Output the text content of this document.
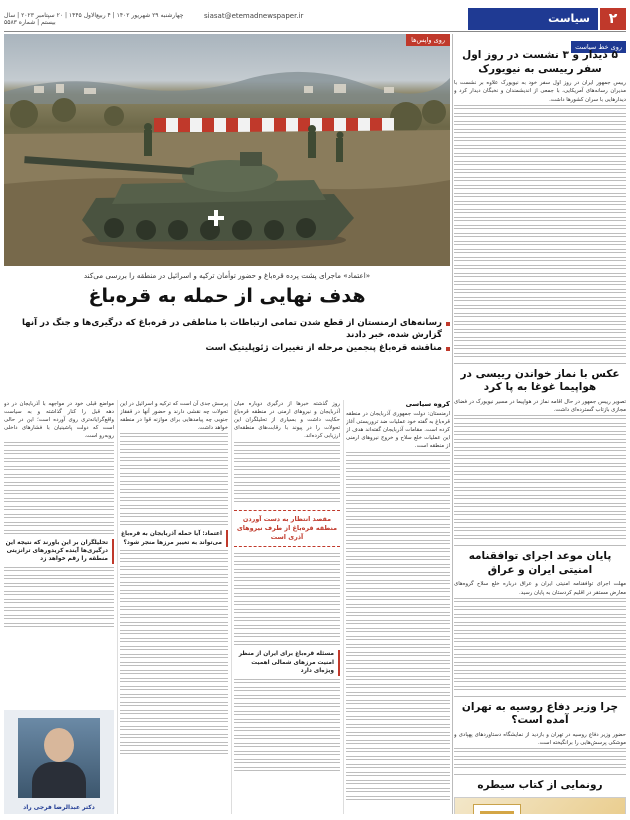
۲
سیاست
siasat@etemadnewspaper.ir
چهارشنبه ۲۹ شهریور ۱۴۰۲ | ۴ ربیع‌الاول ۱۴۴۵ | ۲۰ سپتامبر ۲۰۲۳ | سال بیستم | شماره ۵۵۸۳
روی خط سیاست
۵ دیدار و ۳ نشست در روز اول سفر رییسی به نیویورک

رییس جمهور ایران در روز اول سفر خود به نیویورک علاوه بر نشست با مدیران رسانه‌های آمریکایی، با جمعی از اندیشمندان و نخبگان دیدار کرد و دیدارهایی با سران کشورها داشت.

عکس با نماز خواندن رییسی در هواپیما غوغا به پا کرد

تصویر رییس جمهور در حال اقامه نماز در هواپیما در مسیر نیویورک در فضای مجازی بازتاب گسترده‌ای داشت.

پایان موعد اجرای توافقنامه امنیتی ایران و عراق

مهلت اجرای توافقنامه امنیتی ایران و عراق درباره خلع سلاح گروه‌های معارض مستقر در اقلیم کردستان به پایان رسید.

چرا وزیر دفاع روسیه به تهران آمده است؟

حضور وزیر دفاع روسیه در تهران و بازدید از نمایشگاه دستاوردهای پهپادی و موشکی پرسش‌هایی را برانگیخته است.

رونمایی از کتاب سیطره
روی واپس‌ها
«اعتماد» ماجرای پشت پرده قره‌باغ و حضور توأمان ترکیه و اسرائیل در منطقه را بررسی می‌کند
هدف نهایی از حمله به قره‌باغ
رسانه‌های ارمنستان از قطع شدن تمامی ارتباطات با مناطقی در قره‌باغ که درگیری‌ها و جنگ در آنها گزارش شده، خبر دادند
مناقشه قره‌باغ پنجمین مرحله از تغییرات ژئوپلیتیک است
کروه سیاسی

ارمنستان: دولت جمهوری آذربایجان در منطقه قره‌باغ به گفته خود عملیات ضد تروریستی آغاز کرده است. مقامات آذربایجان گفته‌اند هدف از این عملیات خلع سلاح و خروج نیروهای ارمنی از منطقه است.

روز گذشته خبرها از درگیری دوباره میان آذربایجان و نیروهای ارمنی در منطقه قره‌باغ حکایت داشت و بسیاری از تحلیلگران این تحولات را در پیوند با رقابت‌های منطقه‌ای ارزیابی کرده‌اند.

مقصد انتظار به دست آوردن منطقه قره‌باغ از طرف نیروهای آذری است
مسئله قره‌باغ برای ایران از منظر امنیت مرزهای شمالی اهمیت ویژه‌ای دارد

پرسش جدی آن است که ترکیه و اسرائیل در این تحولات چه نقشی دارند و حضور آنها در قفقاز جنوبی چه پیامدهایی برای موازنه قوا در منطقه خواهد داشت.

اعتماد: آیا حمله آذربایجان به قره‌باغ می‌تواند به تغییر مرزها منجر شود؟

مواضع قبلی خود در مواجهه با آذربایجان در دو دهه قبل را کنار گذاشته و به سیاست واقع‌گرایانه‌تری روی آورده است؛ این در حالی است که دولت پاشینیان با فشارهای داخلی روبه‌رو است.

تحلیلگران بر این باورند که نتیجه این درگیری‌ها آینده کریدورهای ترانزیتی منطقه را رقم خواهد زد
دکتر عبدالرضا فرجی راد
